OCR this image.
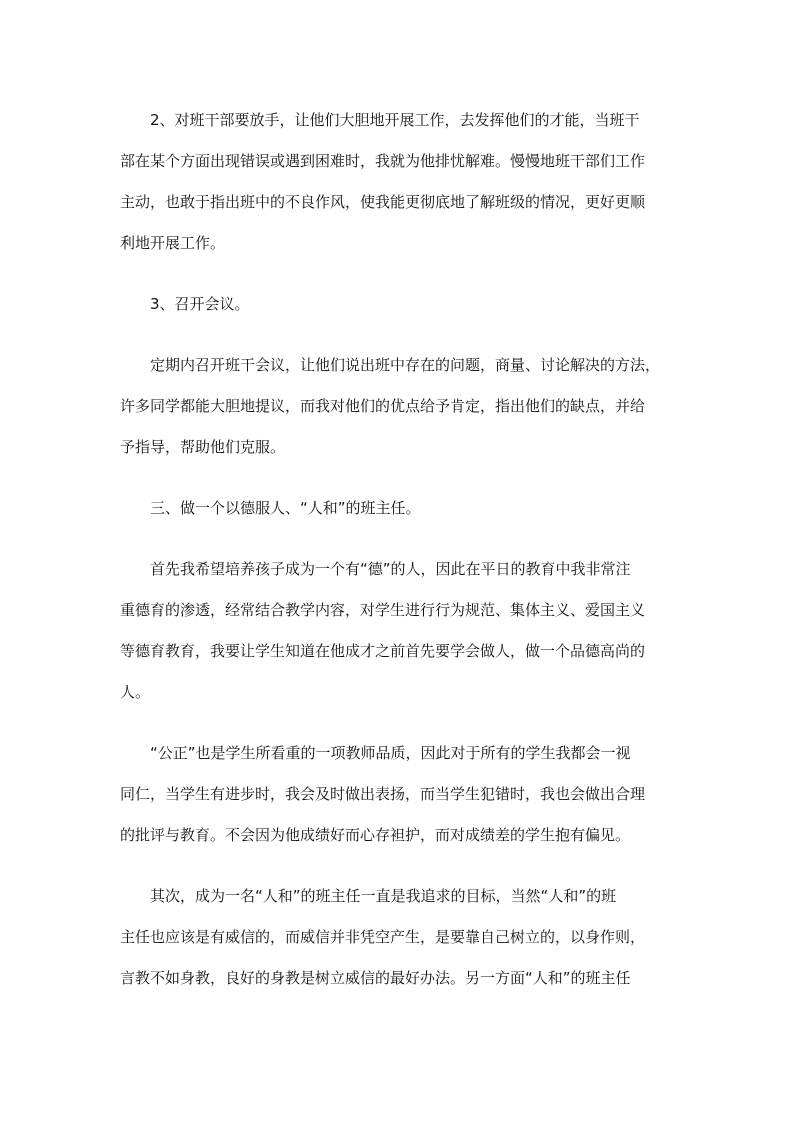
2、对班干部要放手，让他们大胆地开展工作，去发挥他们的才能，当班干
部在某个方面出现错误或遇到困难时，我就为他排忧解难。慢慢地班干部们工作
主动，也敢于指出班中的不良作风，使我能更彻底地了解班级的情况，更好更顺
利地开展工作。
3、召开会议。
定期内召开班干会议，让他们说出班中存在的问题，商量、讨论解决的方法，
许多同学都能大胆地提议，而我对他们的优点给予肯定，指出他们的缺点，并给
予指导，帮助他们克服。
三、做一个以德服人、“人和”的班主任。
首先我希望培养孩子成为一个有“德”的人，因此在平日的教育中我非常注
重德育的渗透，经常结合教学内容，对学生进行行为规范、集体主义、爱国主义
等德育教育，我要让学生知道在他成才之前首先要学会做人，做一个品德高尚的
人。
“公正”也是学生所看重的一项教师品质，因此对于所有的学生我都会一视
同仁，当学生有进步时，我会及时做出表扬，而当学生犯错时，我也会做出合理
的批评与教育。不会因为他成绩好而心存袒护，而对成绩差的学生抱有偏见。
其次，成为一名“人和”的班主任一直是我追求的目标，当然“人和”的班
主任也应该是有威信的，而威信并非凭空产生，是要靠自己树立的，以身作则，
言教不如身教，良好的身教是树立威信的最好办法。另一方面“人和”的班主任
